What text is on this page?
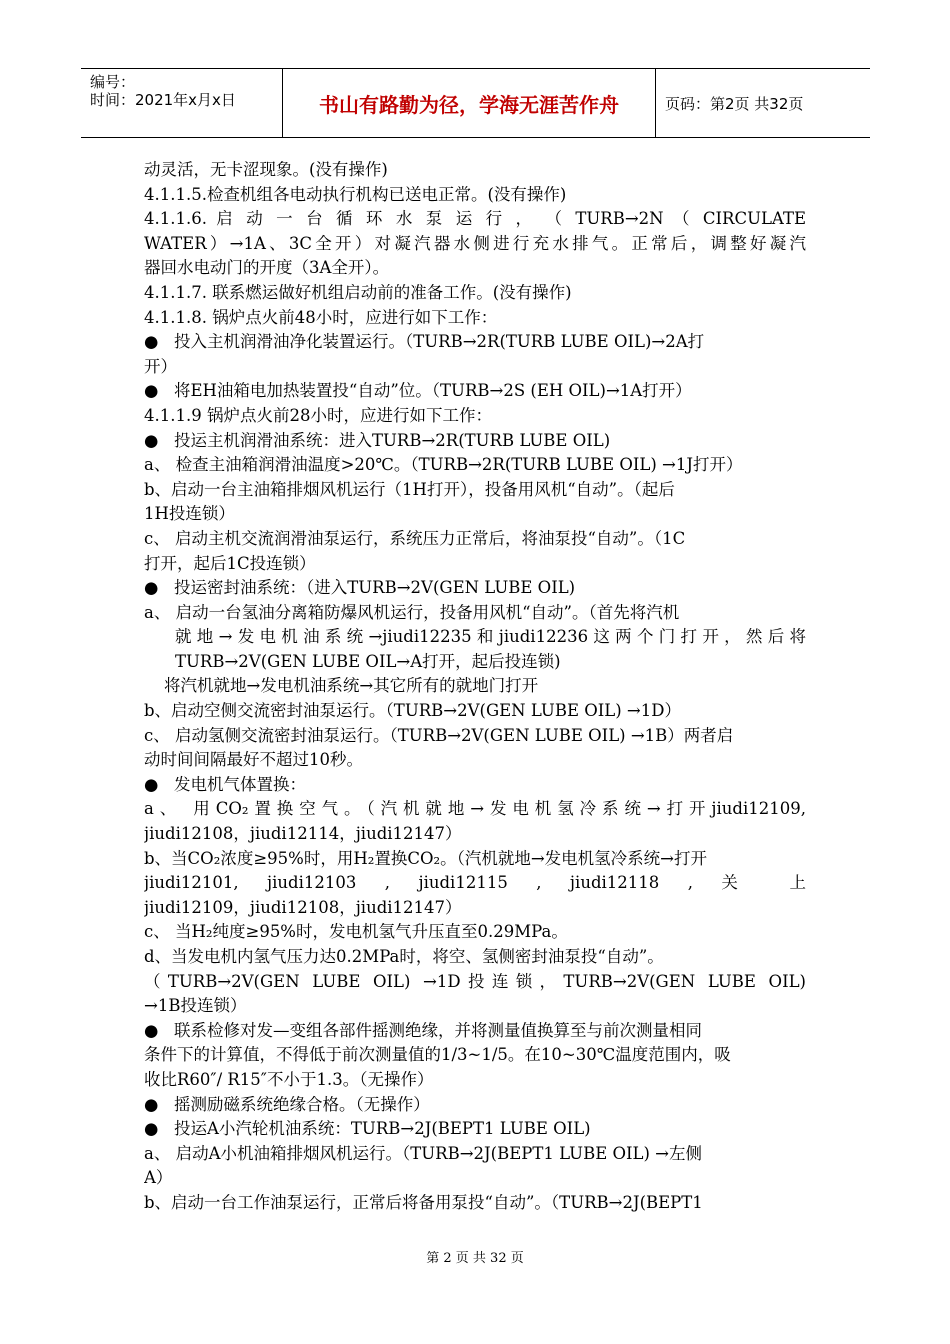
编号：
时间：2021年x月x日	书山有路勤为径，学海无涯苦作舟	页码：第2页 共32页
动灵活，无卡涩现象。(没有操作)
4.1.1.5.检查机组各电动执行机构已送电正常。(没有操作)
4.1.1.6. 启 动 一 台 循 环 水 泵 运 行 ， （ TURB→2N （ CIRCULATE
WATER）→1A、3C全开）对凝汽器水侧进行充水排气。正常后，调整好凝汽
器回水电动门的开度（3A全开）。
4.1.1.7. 联系燃运做好机组启动前的准备工作。(没有操作)
4.1.1.8. 锅炉点火前48小时，应进行如下工作：
● 投入主机润滑油净化装置运行。（TURB→2R(TURB LUBE OIL)→2A打
开）
● 将EH油箱电加热装置投“自动”位。（TURB→2S (EH OIL)→1A打开）
4.1.1.9 锅炉点火前28小时，应进行如下工作：
● 投运主机润滑油系统：进入TURB→2R(TURB LUBE OIL)
a、 检查主油箱润滑油温度>20℃。（TURB→2R(TURB LUBE OIL) →1J打开）
b、启动一台主油箱排烟风机运行（1H打开），投备用风机“自动”。（起后
1H投连锁）
c、 启动主机交流润滑油泵运行，系统压力正常后，将油泵投“自动”。（1C
打开，起后1C投连锁）
● 投运密封油系统：（进入TURB→2V(GEN LUBE OIL)
a、 启动一台氢油分离箱防爆风机运行，投备用风机“自动”。（首先将汽机
就地→发电机油系统→jiudi12235和jiudi12236这两个门打开，然后将
TURB→2V(GEN LUBE OIL→A打开，起后投连锁)
将汽机就地→发电机油系统→其它所有的就地门打开
b、启动空侧交流密封油泵运行。（TURB→2V(GEN LUBE OIL) →1D）
c、 启动氢侧交流密封油泵运行。（TURB→2V(GEN LUBE OIL) →1B）两者启
动时间间隔最好不超过10秒。
● 发电机气体置换：
a、 用CO₂置换空气。（汽机就地→发电机氢冷系统→打开jiudi12109,
jiudi12108，jiudi12114，jiudi12147）
b、当CO₂浓度≥95%时，用H₂置换CO₂。（汽机就地→发电机氢冷系统→打开
jiudi12101, jiudi12103 , jiudi12115 , jiudi12118 , 关 上
jiudi12109，jiudi12108，jiudi12147）
c、 当H₂纯度≥95%时，发电机氢气升压直至0.29MPa。
d、当发电机内氢气压力达0.2MPa时，将空、氢侧密封油泵投“自动”。
（TURB→2V(GEN LUBE OIL) →1D投连锁，TURB→2V(GEN LUBE OIL)
→1B投连锁）
● 联系检修对发—变组各部件摇测绝缘，并将测量值换算至与前次测量相同
条件下的计算值，不得低于前次测量值的1/3~1/5。在10~30℃温度范围内，吸
收比R60″/ R15″不小于1.3。（无操作）
● 摇测励磁系统绝缘合格。（无操作）
● 投运A小汽轮机油系统：TURB→2J(BEPT1 LUBE OIL)
a、 启动A小机油箱排烟风机运行。（TURB→2J(BEPT1 LUBE OIL) →左侧
A）
b、启动一台工作油泵运行，正常后将备用泵投“自动”。（TURB→2J(BEPT1
第 2 页 共 32 页
